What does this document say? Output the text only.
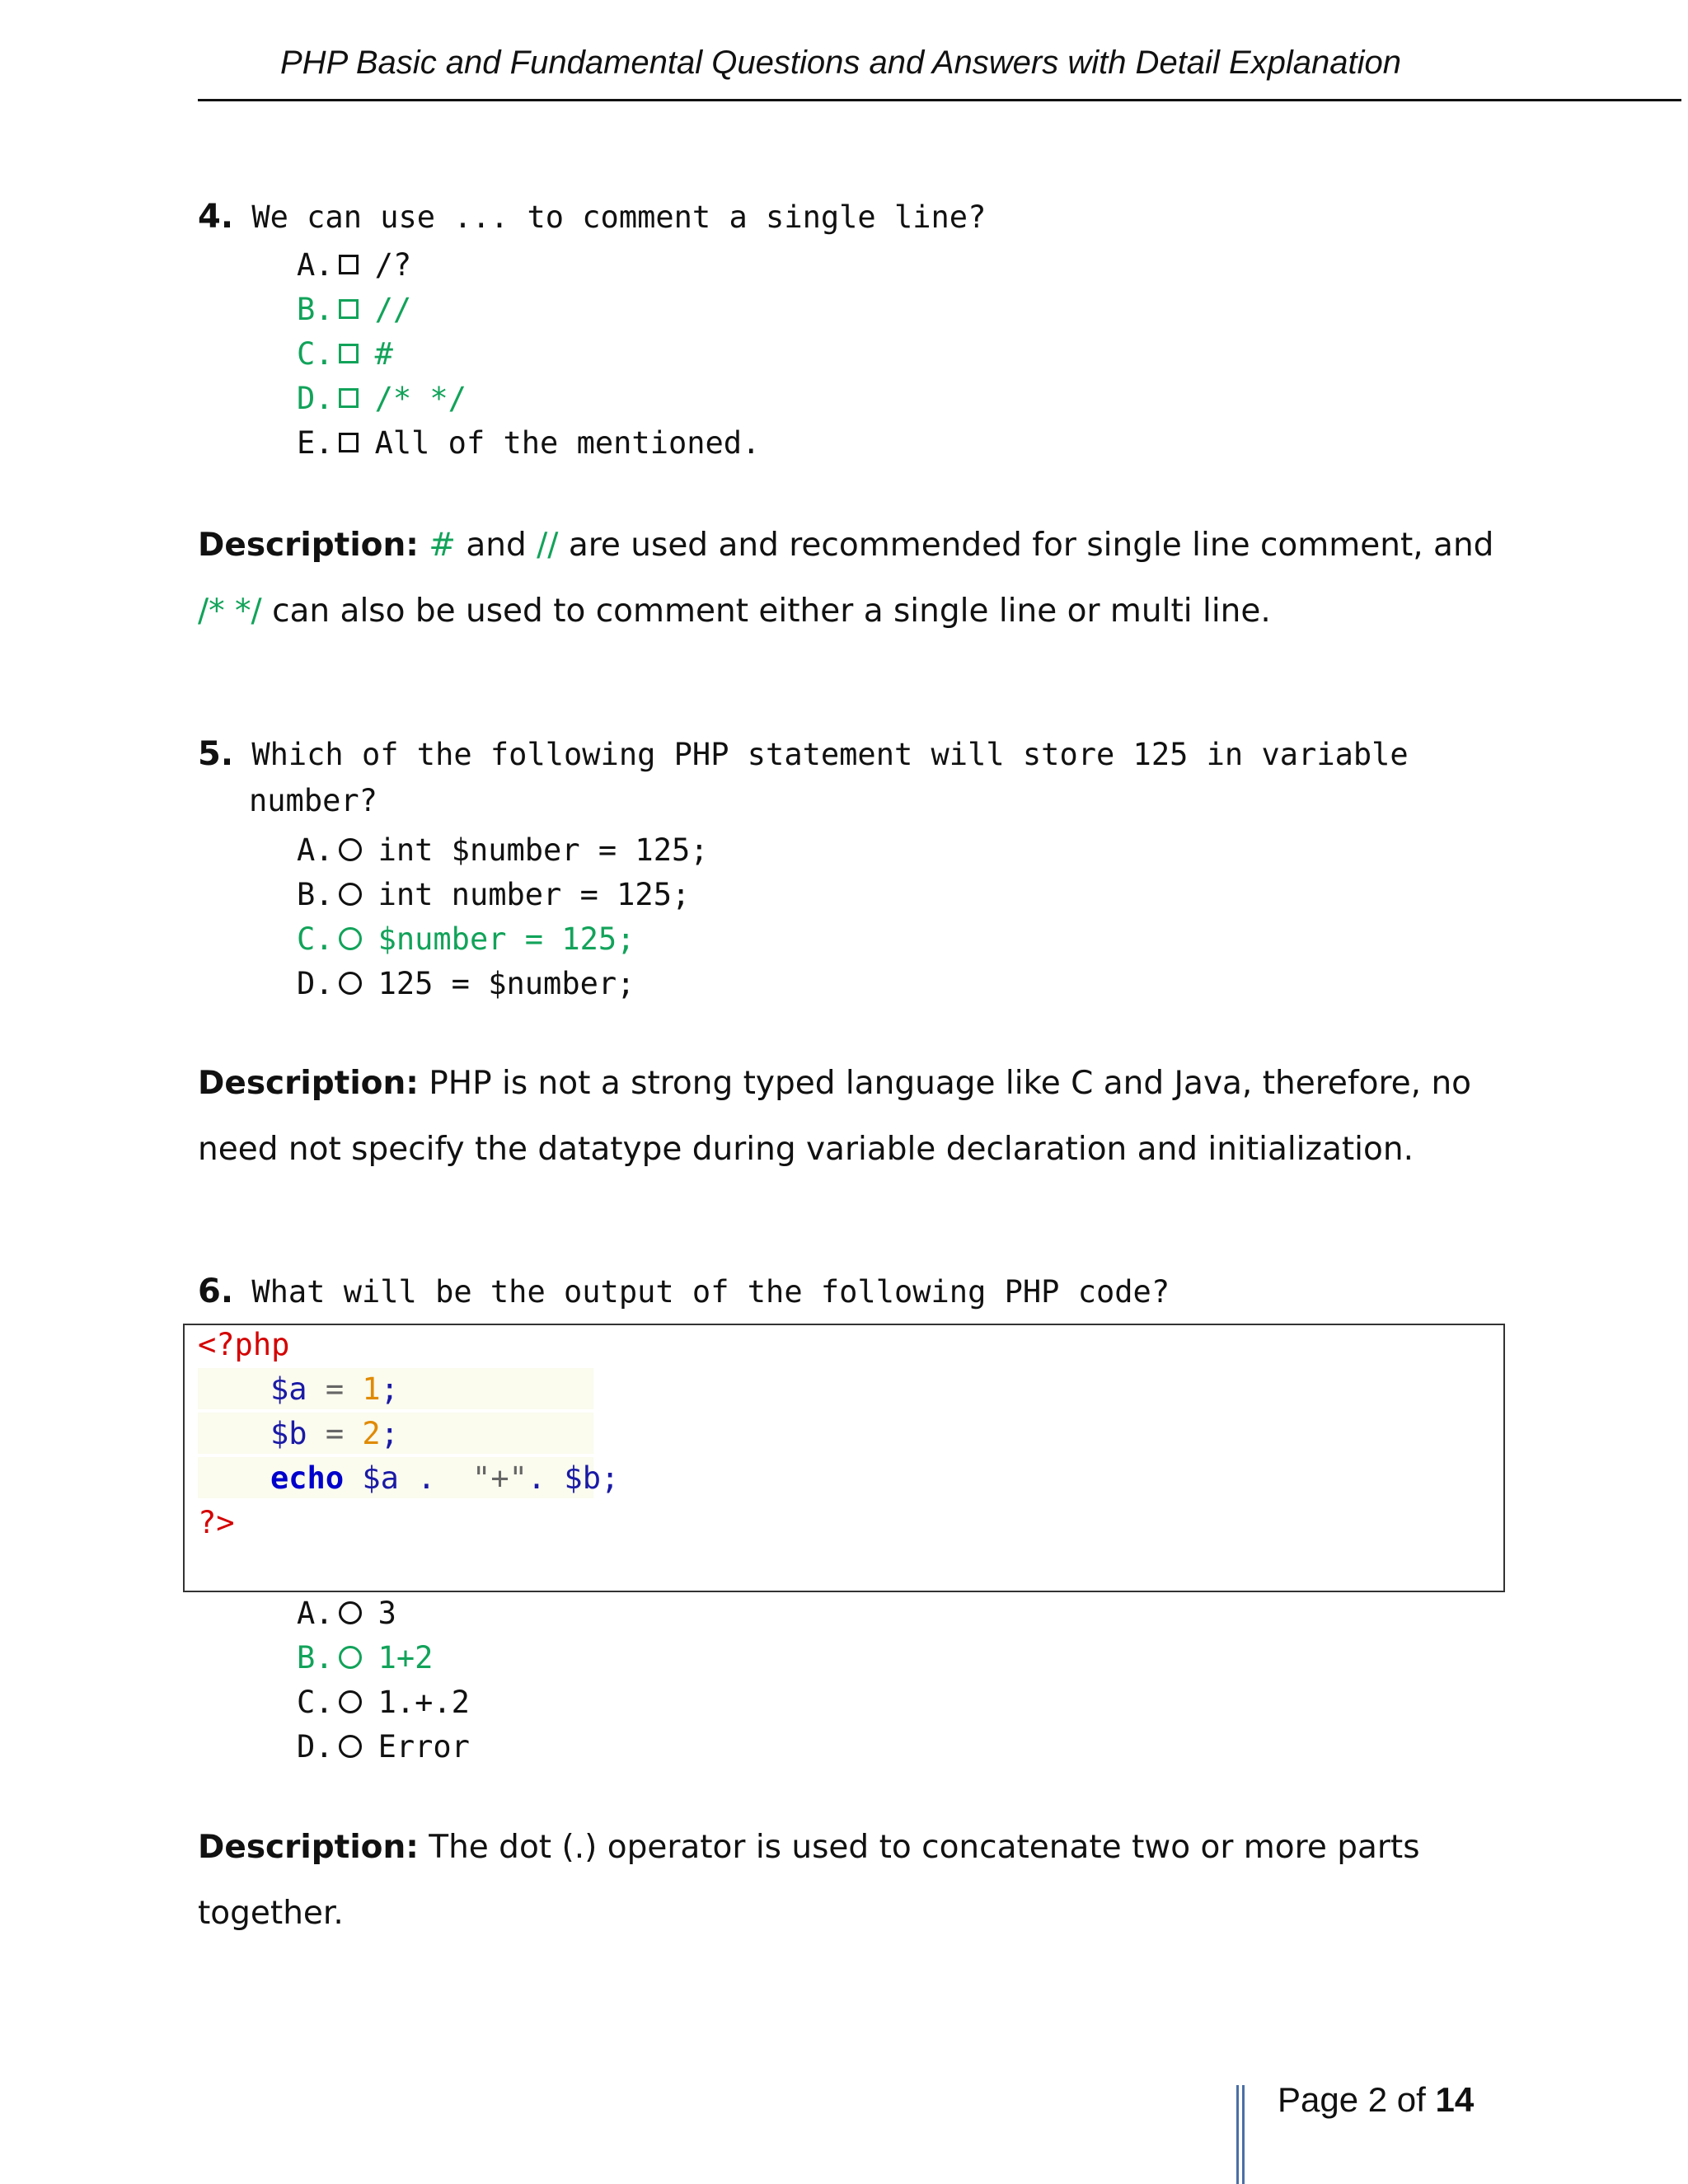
PHP Basic and Fundamental Questions and Answers with Detail Explanation
4. We can use ... to comment a single line?
A. /?
B. //
C. #
D. /* */
E. All of the mentioned.
Description: # and // are used and recommended for single line comment, and /* */ can also be used to comment either a single line or multi line.
5. Which of the following PHP statement will store 125 in variable
number?
A. int $number = 125;
B. int number = 125;
C. $number = 125;
D. 125 = $number;
Description: PHP is not a strong typed language like C and Java, therefore, no need not specify the datatype during variable declaration and initialization.
6. What will be the output of the following PHP code?
<?php
$a = 1;
$b = 2;
echo $a .  "+". $b;
?>
A. 3
B. 1+2
C. 1.+.2
D. Error
Description: The dot (.) operator is used to concatenate two or more parts together.
Page 2 of 14
